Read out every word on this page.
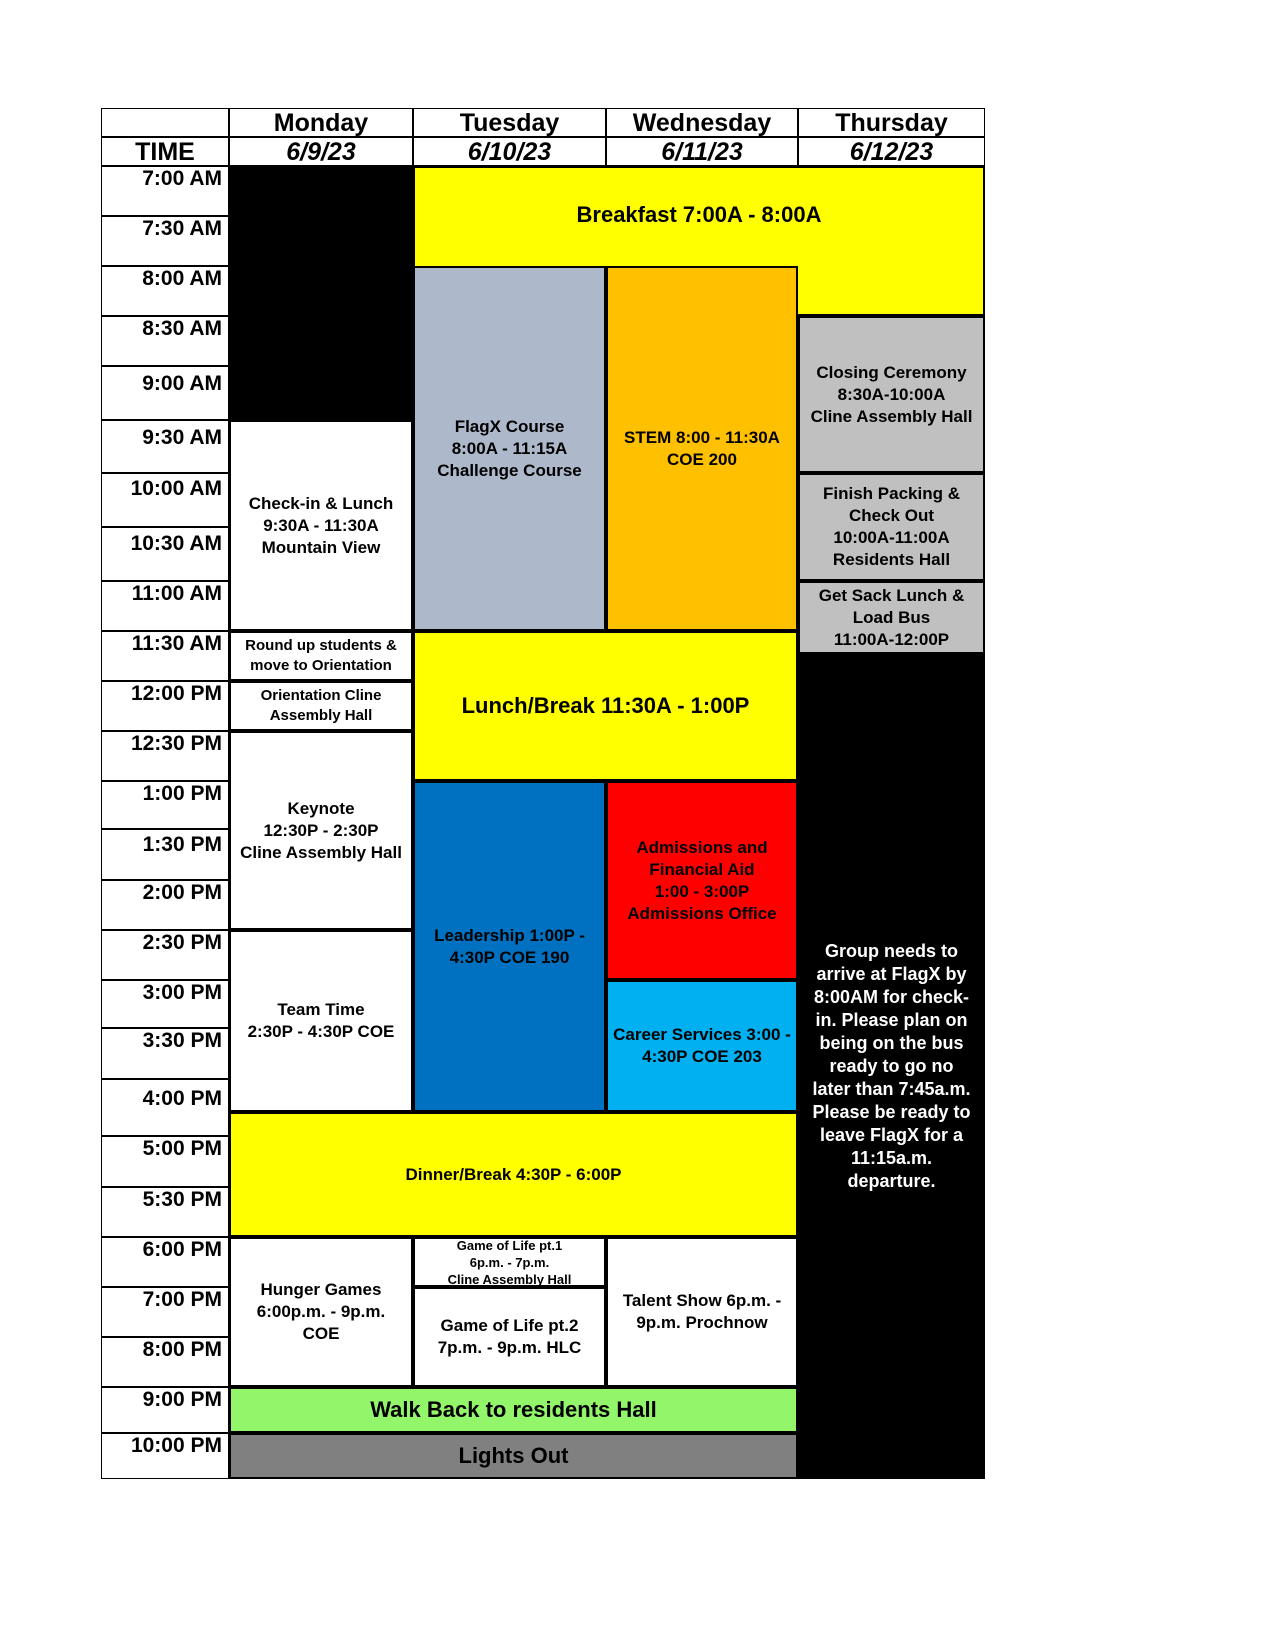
TIME
Monday
6/9/23
Tuesday
6/10/23
Wednesday
6/11/23
Thursday
6/12/23
7:00 AM
7:30 AM
8:00 AM
8:30 AM
9:00 AM
9:30 AM
10:00 AM
10:30 AM
11:00 AM
11:30 AM
12:00 PM
12:30 PM
1:00 PM
1:30 PM
2:00 PM
2:30 PM
3:00 PM
3:30 PM
4:00 PM
5:00 PM
5:30 PM
6:00 PM
7:00 PM
8:00 PM
9:00 PM
10:00 PM
Check-in & Lunch
9:30A - 11:30A
Mountain View
Round up students & move to Orientation
Orientation Cline Assembly Hall
Keynote
12:30P - 2:30P
Cline Assembly Hall
Team Time
2:30P - 4:30P COE
Hunger Games
6:00p.m. - 9p.m.
COE
Breakfast 7:00A - 8:00A
FlagX Course
8:00A - 11:15A Challenge Course
STEM 8:00 - 11:30A COE 200
Lunch/Break 11:30A - 1:00P
Leadership 1:00P - 4:30P COE 190
Admissions and Financial Aid
1:00 - 3:00P
Admissions Office
Career Services 3:00 - 4:30P COE 203
Dinner/Break 4:30P - 6:00P
Game of Life pt.1
6p.m. - 7p.m.
Cline Assembly Hall
Game of Life pt.2
7p.m. - 9p.m. HLC
Talent Show 6p.m. - 9p.m. Prochnow
Walk Back to residents Hall
Lights Out
Closing Ceremony
8:30A-10:00A
Cline Assembly Hall
Finish Packing & Check Out
10:00A-11:00A
Residents Hall
Get Sack Lunch & Load Bus
11:00A-12:00P
Group needs to arrive at FlagX by 8:00AM for check-in. Please plan on being on the bus ready to go no later than 7:45a.m. Please be ready to leave FlagX for a 11:15a.m. departure.
